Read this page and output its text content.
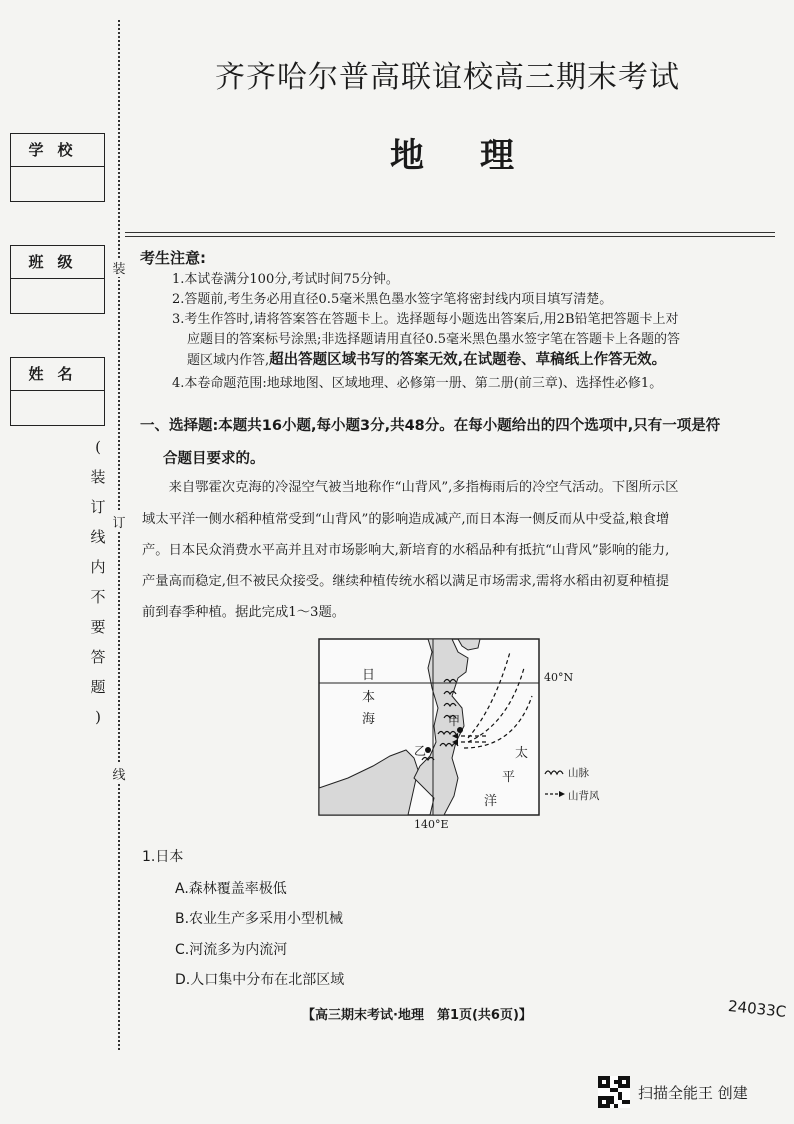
装
订
线
学校
班级
姓名
(
装
订
线
内
不
要
答
题
)
齐齐哈尔普高联谊校高三期末考试
地理
考生注意:
1.本试卷满分100分,考试时间75分钟。
2.答题前,考生务必用直径0.5毫米黑色墨水签字笔将密封线内项目填写清楚。
3.考生作答时,请将答案答在答题卡上。选择题每小题选出答案后,用2B铅笔把答题卡上对
应题目的答案标号涂黑;非选择题请用直径0.5毫米黑色墨水签字笔在答题卡上各题的答
题区域内作答,超出答题区域书写的答案无效,在试题卷、草稿纸上作答无效。
4.本卷命题范围:地球地图、区域地理、必修第一册、第二册(前三章)、选择性必修1。
一、选择题:本题共16小题,每小题3分,共48分。在每小题给出的四个选项中,只有一项是符
合题目要求的。
　　来自鄂霍次克海的冷湿空气被当地称作“山背风”,多指梅雨后的冷空气活动。下图所示区
域太平洋一侧水稻种植常受到“山背风”的影响造成减产,而日本海一侧反而从中受益,粮食增
产。日本民众消费水平高并且对市场影响大,新培育的水稻品种有抵抗“山背风”影响的能力,
产量高而稳定,但不被民众接受。继续种植传统水稻以满足市场需求,需将水稻由初夏种植提
前到春季种植。据此完成1～3题。
日
本
海
太
平
洋
甲
乙
40°N
140°E
山脉
山背风
1.日本
A.森林覆盖率极低
B.农业生产多采用小型机械
C.河流多为内流河
D.人口集中分布在北部区域
【高三期末考试·地理　第1页(共6页)】	24033C
扫描全能王 创建
